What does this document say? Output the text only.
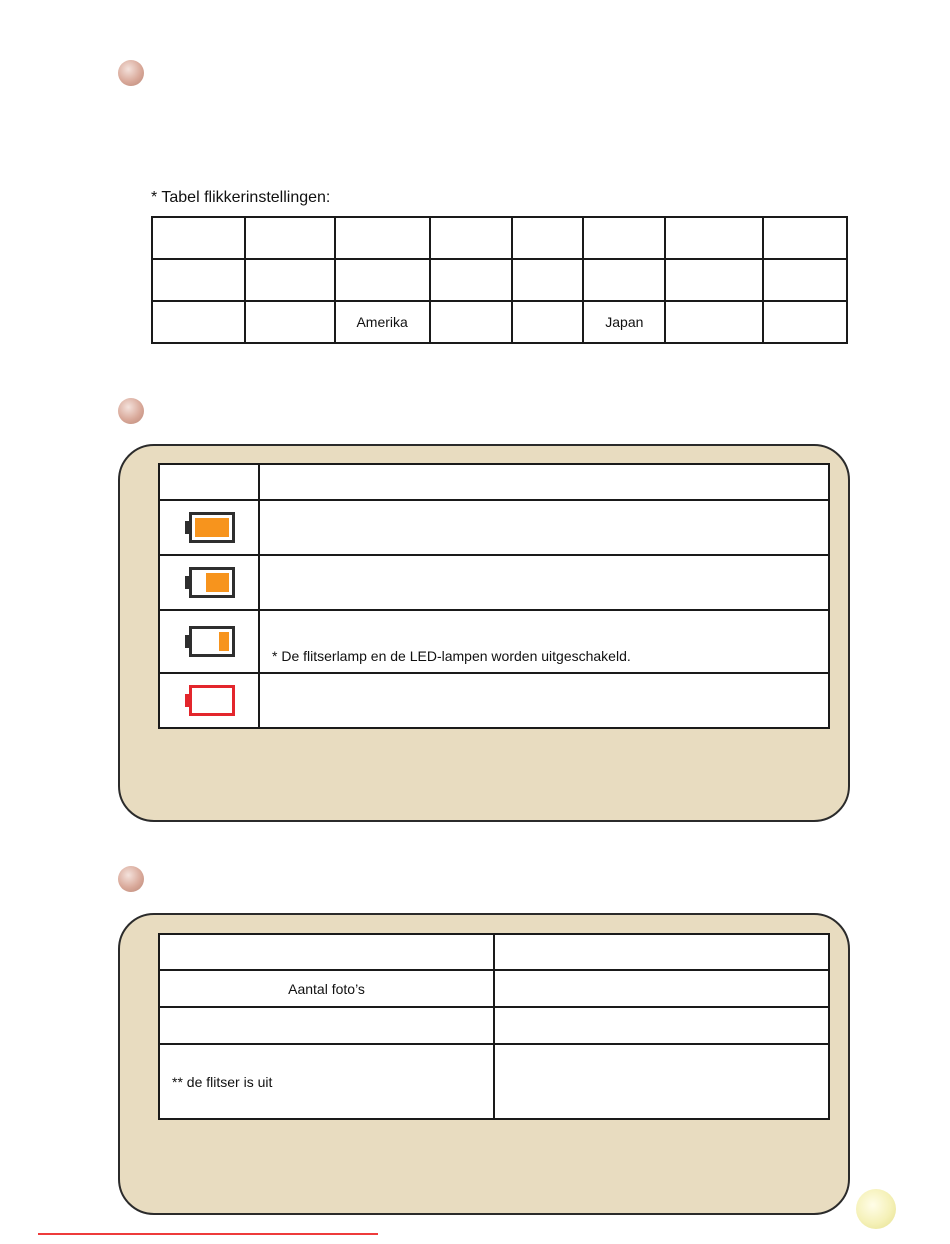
* Tabel flikkerinstellingen:

		Amerika			Japan		

	* De flitserlamp en de LED-lampen worden uitgeschakeld.

Aantal foto’s	

** de flitser is uit	
